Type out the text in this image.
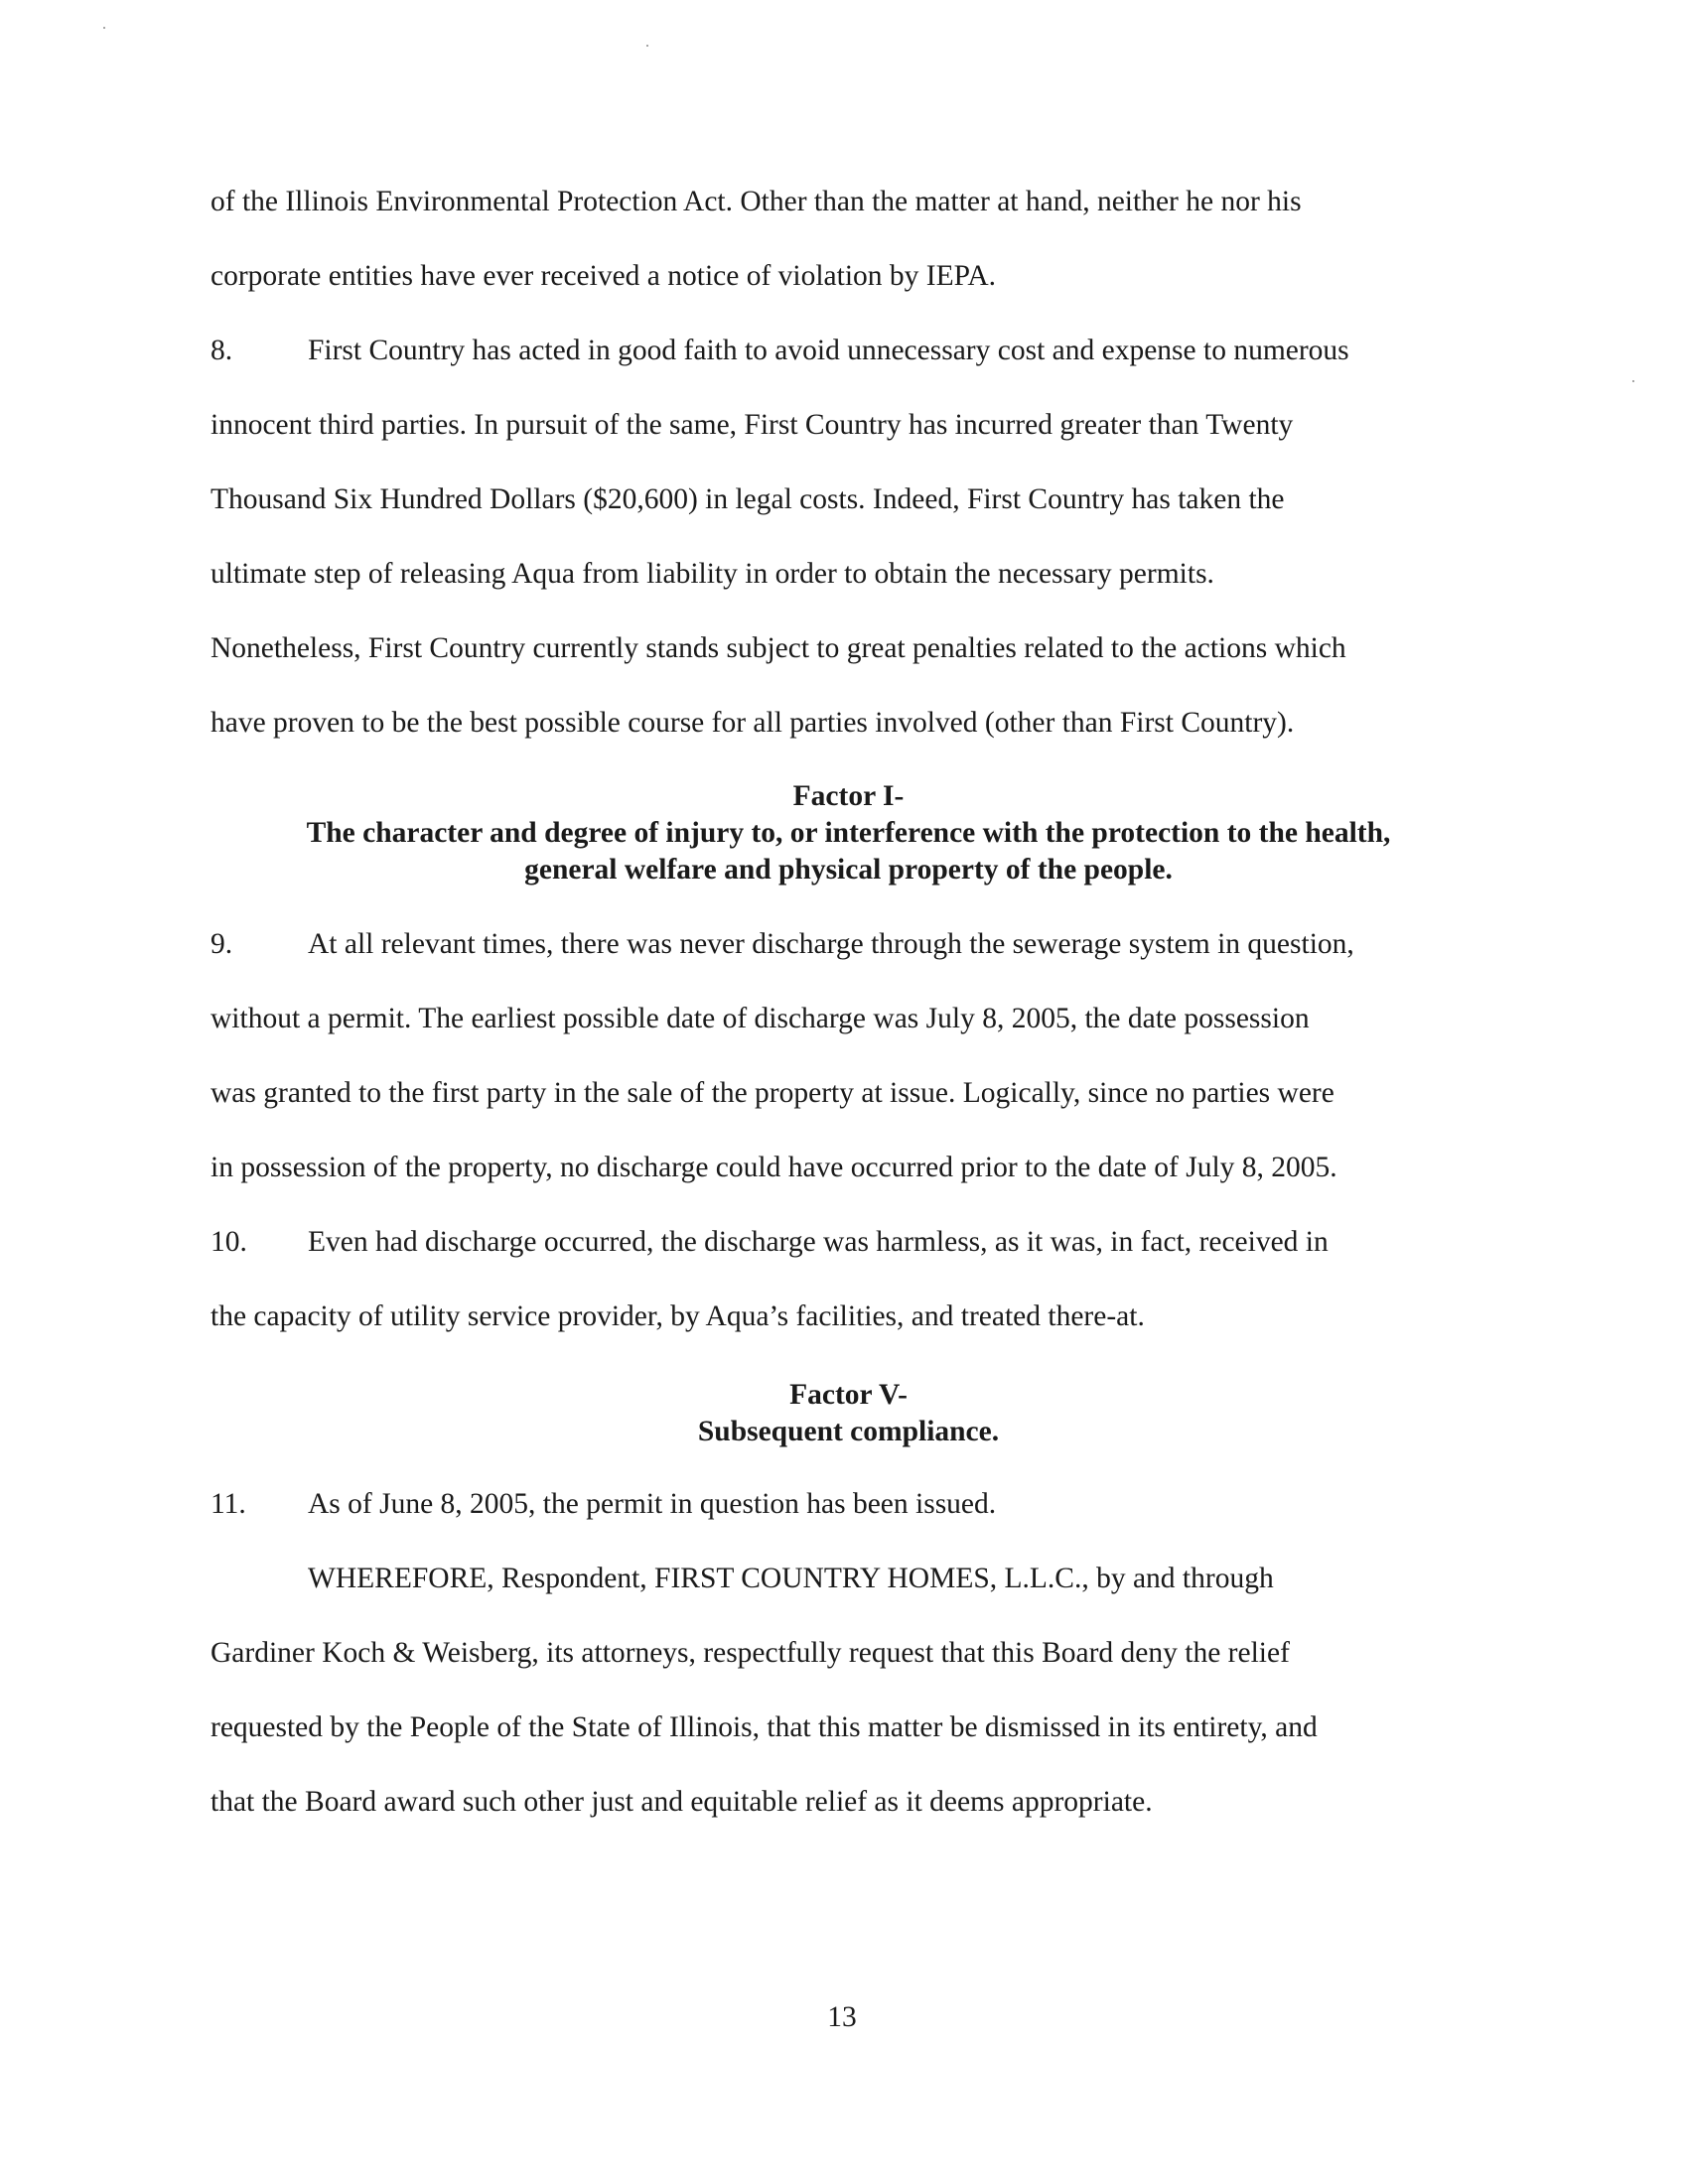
of the Illinois Environmental Protection Act. Other than the matter at hand, neither he nor his
corporate entities have ever received a notice of violation by IEPA.
8.	First Country has acted in good faith to avoid unnecessary cost and expense to numerous
innocent third parties. In pursuit of the same, First Country has incurred greater than Twenty
Thousand Six Hundred Dollars ($20,600) in legal costs. Indeed, First Country has taken the
ultimate step of releasing Aqua from liability in order to obtain the necessary permits.
Nonetheless, First Country currently stands subject to great penalties related to the actions which
have proven to be the best possible course for all parties involved (other than First Country).
Factor I-
The character and degree of injury to, or interference with the protection to the health,
general welfare and physical property of the people.
9.	At all relevant times, there was never discharge through the sewerage system in question,
without a permit. The earliest possible date of discharge was July 8, 2005, the date possession
was granted to the first party in the sale of the property at issue. Logically, since no parties were
in possession of the property, no discharge could have occurred prior to the date of July 8, 2005.
10. Even had discharge occurred, the discharge was harmless, as it was, in fact, received in
the capacity of utility service provider, by Aqua’s facilities, and treated there-at.
Factor V-
Subsequent compliance.
11. As of June 8, 2005, the permit in question has been issued.
WHEREFORE, Respondent, FIRST COUNTRY HOMES, L.L.C., by and through
Gardiner Koch & Weisberg, its attorneys, respectfully request that this Board deny the relief
requested by the People of the State of Illinois, that this matter be dismissed in its entirety, and
that the Board award such other just and equitable relief as it deems appropriate.
13
